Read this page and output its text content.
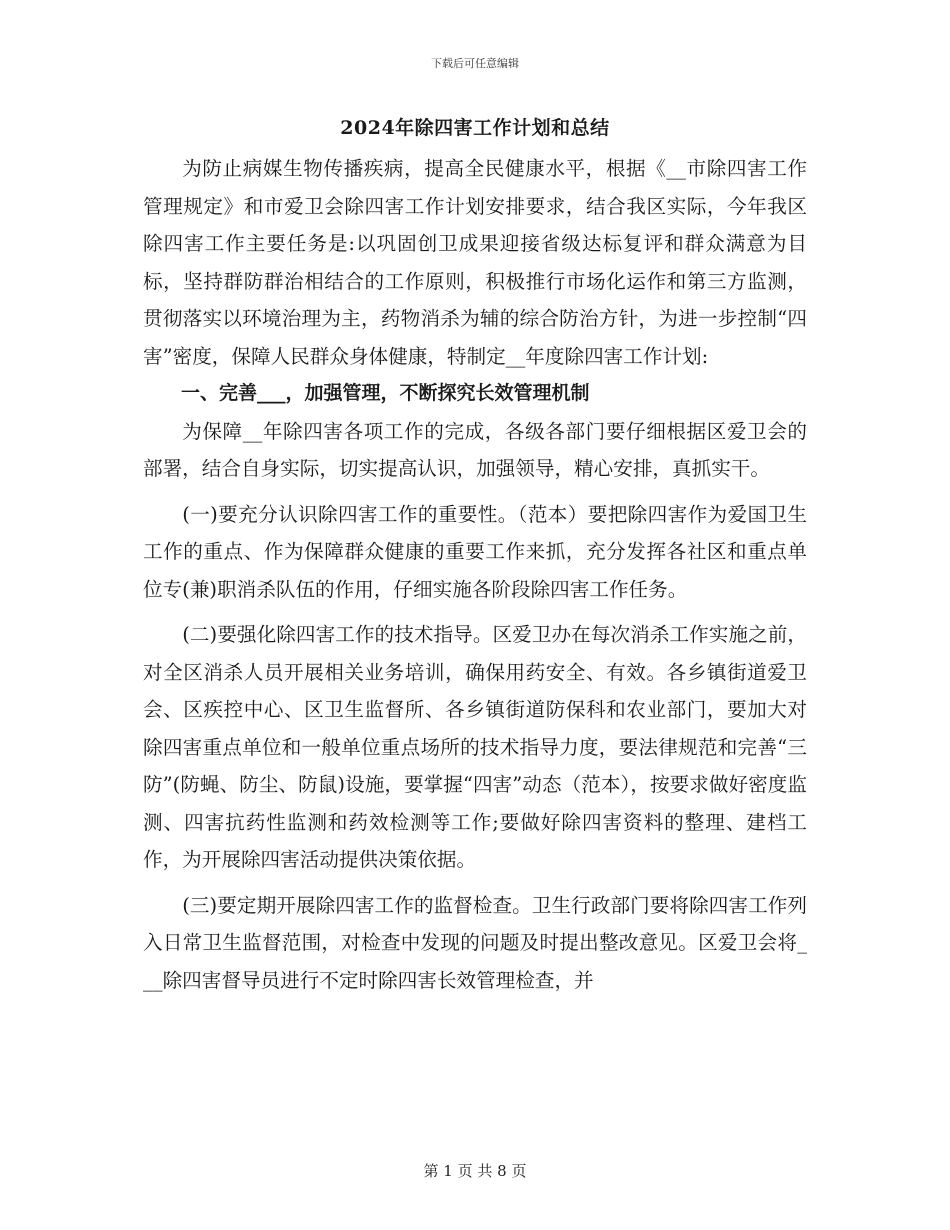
下载后可任意编辑
2024年除四害工作计划和总结

为防止病媒生物传播疾病，提高全民健康水平，根据《__市除四害工作管理规定》和市爱卫会除四害工作计划安排要求，结合我区实际，今年我区除四害工作主要任务是:以巩固创卫成果迎接省级达标复评和群众满意为目标，坚持群防群治相结合的工作原则，积极推行市场化运作和第三方监测，贯彻落实以环境治理为主，药物消杀为辅的综合防治方针，为进一步控制“四害”密度，保障人民群众身体健康，特制定__年度除四害工作计划:

一、完善___，加强管理，不断探究长效管理机制

为保障__年除四害各项工作的完成，各级各部门要仔细根据区爱卫会的部署，结合自身实际，切实提高认识，加强领导，精心安排，真抓实干。

(一)要充分认识除四害工作的重要性。（范本）要把除四害作为爱国卫生工作的重点、作为保障群众健康的重要工作来抓，充分发挥各社区和重点单位专(兼)职消杀队伍的作用，仔细实施各阶段除四害工作任务。

(二)要强化除四害工作的技术指导。区爱卫办在每次消杀工作实施之前，对全区消杀人员开展相关业务培训，确保用药安全、有效。各乡镇街道爱卫会、区疾控中心、区卫生监督所、各乡镇街道防保科和农业部门，要加大对除四害重点单位和一般单位重点场所的技术指导力度，要法律规范和完善“三防”(防蝇、防尘、防鼠)设施，要掌握“四害”动态（范本），按要求做好密度监测、四害抗药性监测和药效检测等工作;要做好除四害资料的整理、建档工作，为开展除四害活动提供决策依据。

(三)要定期开展除四害工作的监督检查。卫生行政部门要将除四害工作列入日常卫生监督范围，对检查中发现的问题及时提出整改意见。区爱卫会将___除四害督导员进行不定时除四害长效管理检查，并

第 1 页 共 8 页
